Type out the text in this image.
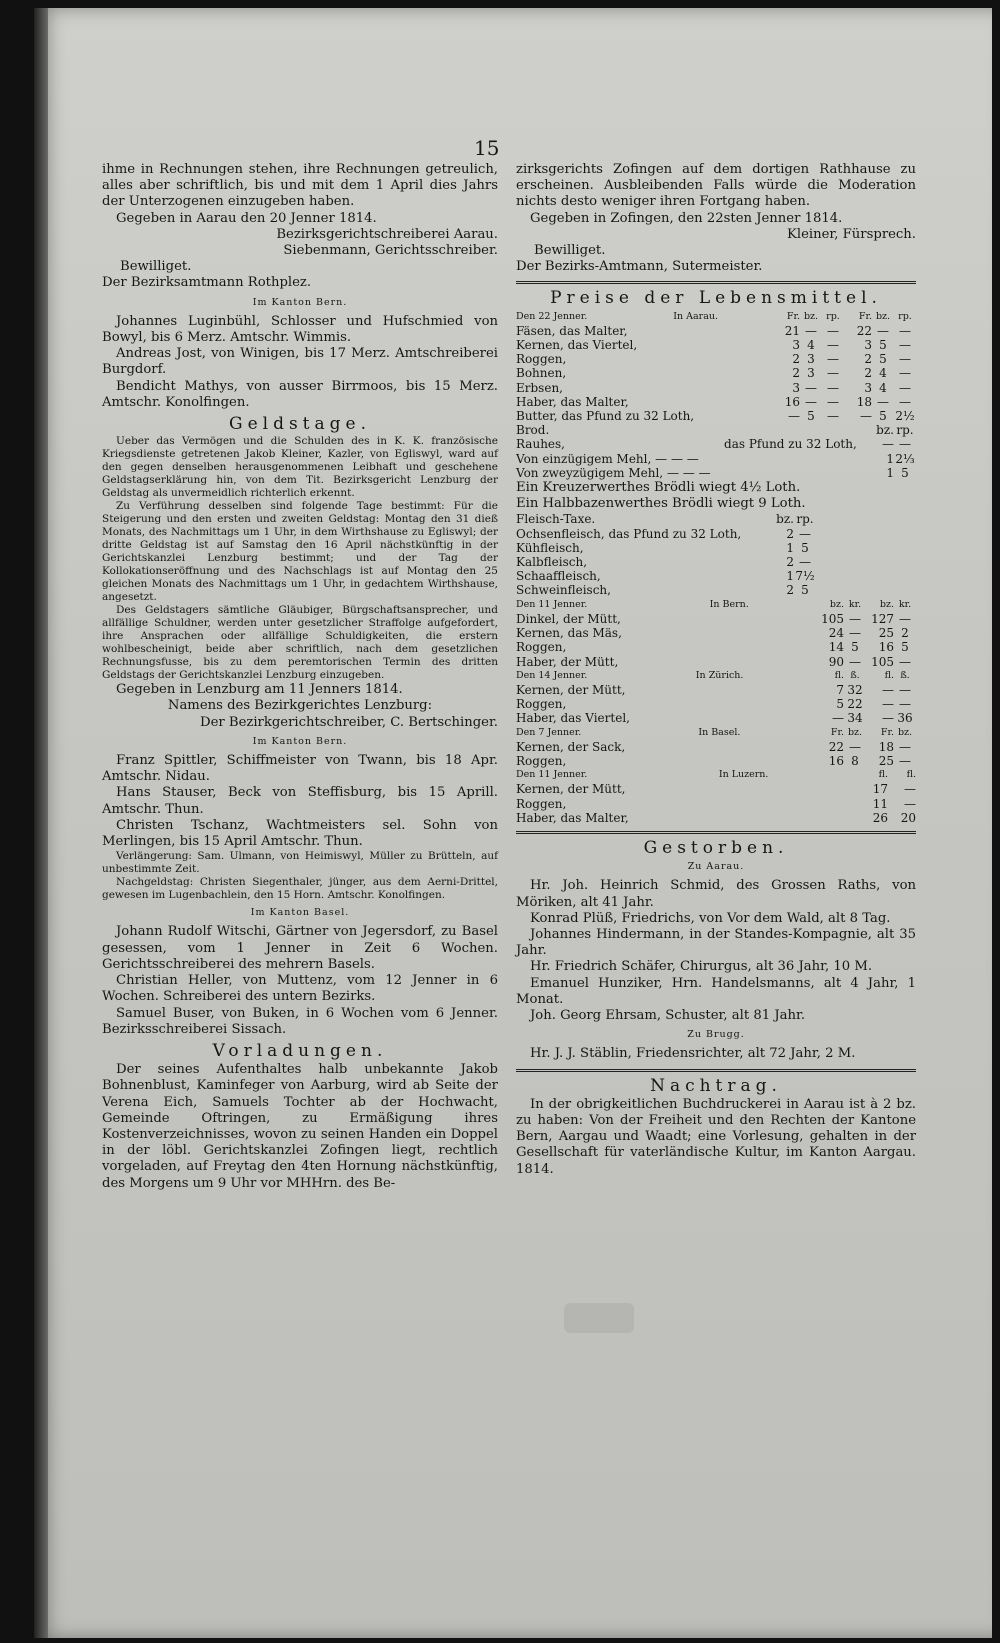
15

ihme in Rechnungen stehen, ihre Rechnungen getreulich, alles aber schriftlich, bis und mit dem 1 April dies Jahrs der Unterzogenen einzugeben haben.

Gegeben in Aarau den 20 Jenner 1814.

Bezirksgerichtschreiberei Aarau.

Siebenmann, Gerichtsschreiber.

Bewilliget.

Der Bezirksamtmann Rothplez.

Im Kanton Bern.

Johannes Luginbühl, Schlosser und Hufschmied von Bowyl, bis 6 Merz. Amtschr. Wimmis.

Andreas Jost, von Winigen, bis 17 Merz. Amtschreiberei Burgdorf.

Bendicht Mathys, von ausser Birrmoos, bis 15 Merz. Amtschr. Konolfingen.

Geldstage.

Ueber das Vermögen und die Schulden des in K. K. französische Kriegsdienste getretenen Jakob Kleiner, Kazler, von Egliswyl, ward auf den gegen denselben herausgenommenen Leibhaft und geschehene Geldstagserklärung hin, von dem Tit. Bezirksgericht Lenzburg der Geldstag als unvermeidlich richterlich erkennt.

Zu Verführung desselben sind folgende Tage bestimmt: Für die Steigerung und den ersten und zweiten Geldstag: Montag den 31 dieß Monats, des Nachmittags um 1 Uhr, in dem Wirthshause zu Egliswyl; der dritte Geldstag ist auf Samstag den 16 April nächstkünftig in der Gerichtskanzlei Lenzburg bestimmt; und der Tag der Kollokationseröffnung und des Nachschlags ist auf Montag den 25 gleichen Monats des Nachmittags um 1 Uhr, in gedachtem Wirthshause, angesetzt.

Des Geldstagers sämtliche Gläubiger, Bürgschaftsansprecher, und allfällige Schuldner, werden unter gesetzlicher Straffolge aufgefordert, ihre Ansprachen oder allfällige Schuldigkeiten, die erstern wohlbescheinigt, beide aber schriftlich, nach dem gesetzlichen Rechnungsfusse, bis zu dem peremtorischen Termin des dritten Geldstags der Gerichtskanzlei Lenzburg einzugeben.

Gegeben in Lenzburg am 11 Jenners 1814.

Namens des Bezirkgerichtes Lenzburg:

Der Bezirkgerichtschreiber, C. Bertschinger.

Im Kanton Bern.

Franz Spittler, Schiffmeister von Twann, bis 18 Apr. Amtschr. Nidau.

Hans Stauser, Beck von Steffisburg, bis 15 Aprill. Amtschr. Thun.

Christen Tschanz, Wachtmeisters sel. Sohn von Merlingen, bis 15 April Amtschr. Thun.

Verlängerung: Sam. Ulmann, von Heimiswyl, Müller zu Brütteln, auf unbestimmte Zeit.

Nachgeldstag: Christen Siegenthaler, jünger, aus dem Aerni-Drittel, gewesen im Lugenbachlein, den 15 Horn. Amtschr. Konolfingen.

Im Kanton Basel.

Johann Rudolf Witschi, Gärtner von Jegersdorf, zu Basel gesessen, vom 1 Jenner in Zeit 6 Wochen. Gerichtsschreiberei des mehrern Basels.

Christian Heller, von Muttenz, vom 12 Jenner in 6 Wochen. Schreiberei des untern Bezirks.

Samuel Buser, von Buken, in 6 Wochen vom 6 Jenner. Bezirksschreiberei Sissach.

Vorladungen.

Der seines Aufenthaltes halb unbekannte Jakob Bohnenblust, Kaminfeger von Aarburg, wird ab Seite der Verena Eich, Samuels Tochter ab der Hochwacht, Gemeinde Oftringen, zu Ermäßigung ihres Kostenverzeichnisses, wovon zu seinen Handen ein Doppel in der löbl. Gerichtskanzlei Zofingen liegt, rechtlich vorgeladen, auf Freytag den 4ten Hornung nächstkünftig, des Morgens um 9 Uhr vor MHHrn. des Be-

zirksgerichts Zofingen auf dem dortigen Rathhause zu erscheinen. Ausbleibenden Falls würde die Moderation nichts desto weniger ihren Fortgang haben.

Gegeben in Zofingen, den 22sten Jenner 1814.

Kleiner, Fürsprech.

Bewilliget.

Der Bezirks-Amtmann, Sutermeister.

Preise der Lebensmittel.
Den 22 Jenner.	In Aarau.	Fr.	bz.	rp.	Fr.	bz.	rp.
Fäsen, das Malter,		21	—	—	22	—	—
Kernen, das Viertel,		3	4	—	3	5	—
Roggen,		2	3	—	2	5	—
Bohnen,		2	3	—	2	4	—
Erbsen,		3	—	—	3	4	—
Haber, das Malter,		16	—	—	18	—	—
Butter, das Pfund zu 32 Loth,		—	5	—	—	5	2½
Brod.		bz.	rp.
Rauhes,	das Pfund zu 32 Loth,	—	—
Von einzügigem Mehl, — — —		1	2⅓
Von zweyzügigem Mehl, — — —		1	5

Ein Kreuzerwerthes Brödli wiegt 4½ Loth.

Ein Halbbazenwerthes Brödli wiegt 9 Loth.

Fleisch-Taxe.	bz.	rp.
Ochsenfleisch, das Pfund zu 32 Loth,	2	—
Kühfleisch,	1	5
Kalbfleisch,	2	—
Schaaffleisch,	1	7½
Schweinfleisch,	2	5
Den 11 Jenner.	In Bern.	bz.	kr.	bz.	kr.
Dinkel, der Mütt,		105	—	127	—
Kernen, das Mäs,		24	—	25	2
Roggen,		14	5	16	5
Haber, der Mütt,		90	—	105	—
Den 14 Jenner.	In Zürich.	fl.	ß.	fl.	ß.
Kernen, der Mütt,		7	32	—	—
Roggen,		5	22	—	—
Haber, das Viertel,		—	34	—	36
Den 7 Jenner.	In Basel.	Fr.	bz.	Fr.	bz.
Kernen, der Sack,		22	—	18	—
Roggen,		16	8	25	—
Den 11 Jenner.	In Luzern.	fl.	fl.
Kernen, der Mütt,		17	—
Roggen,		11	—
Haber, das Malter,		26	20
Gestorben.
Zu Aarau.

Hr. Joh. Heinrich Schmid, des Grossen Raths, von Möriken, alt 41 Jahr.

Konrad Plüß, Friedrichs, von Vor dem Wald, alt 8 Tag.

Johannes Hindermann, in der Standes-Kompagnie, alt 35 Jahr.

Hr. Friedrich Schäfer, Chirurgus, alt 36 Jahr, 10 M.

Emanuel Hunziker, Hrn. Handelsmanns, alt 4 Jahr, 1 Monat.

Joh. Georg Ehrsam, Schuster, alt 81 Jahr.

Zu Brugg.

Hr. J. J. Stäblin, Friedensrichter, alt 72 Jahr, 2 M.

Nachtrag.

In der obrigkeitlichen Buchdruckerei in Aarau ist à 2 bz. zu haben: Von der Freiheit und den Rechten der Kantone Bern, Aargau und Waadt; eine Vorlesung, gehalten in der Gesellschaft für vaterländische Kultur, im Kanton Aargau. 1814.
